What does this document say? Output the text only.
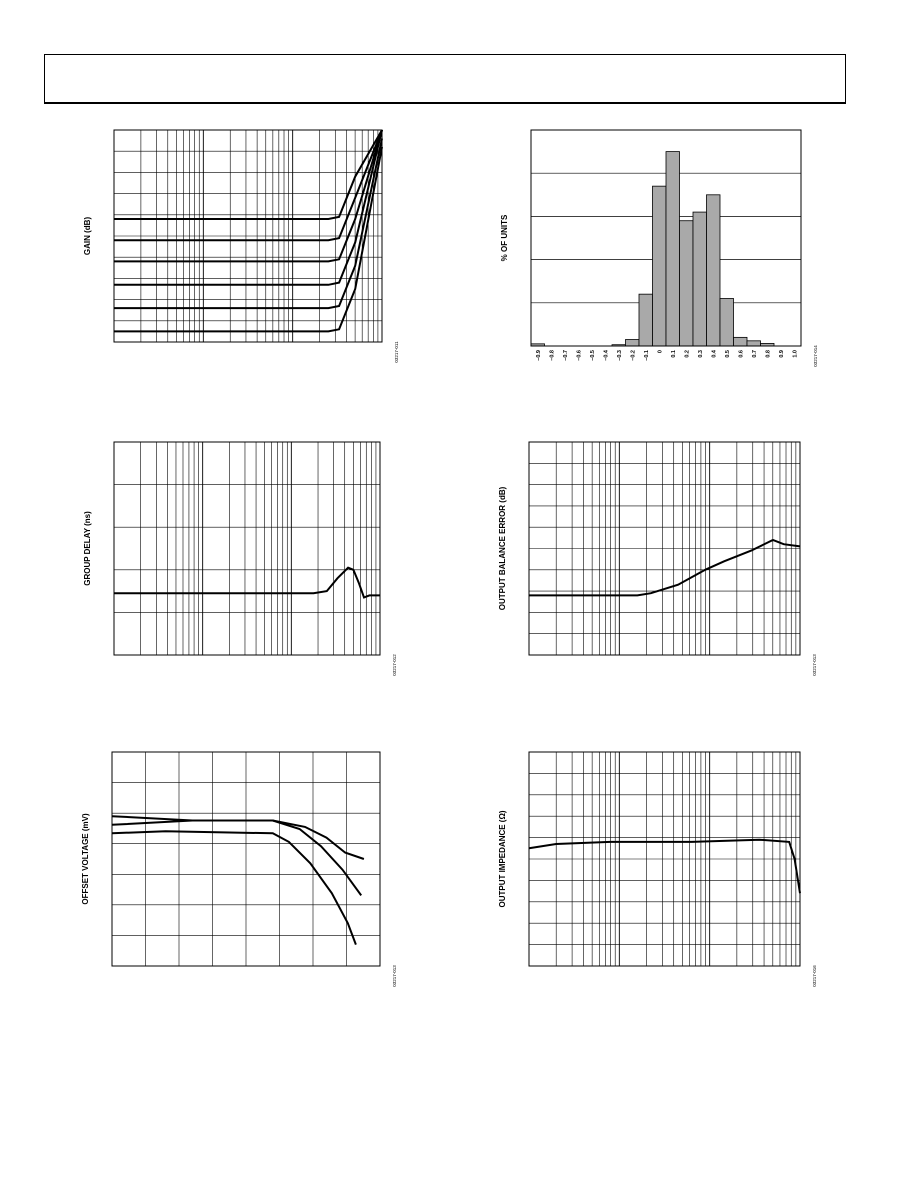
GAIN (dB)
03217-011	–0.9 –0.8 –0.7 –0.6 –0.5 –0.4 –0.3 –0.2 –0.1 0 0.1 0.2 0.3 0.4 0.5 0.6 0.7 0.8 0.9 1.0
% OF UNITS
03217-014
GROUP DELAY (ns)
03217-012
OUTPUT BALANCE ERROR (dB)
03217-013
OFFSET VOLTAGE (mV)
03217-013
OUTPUT IMPEDANCE (Ω)
03217-016
